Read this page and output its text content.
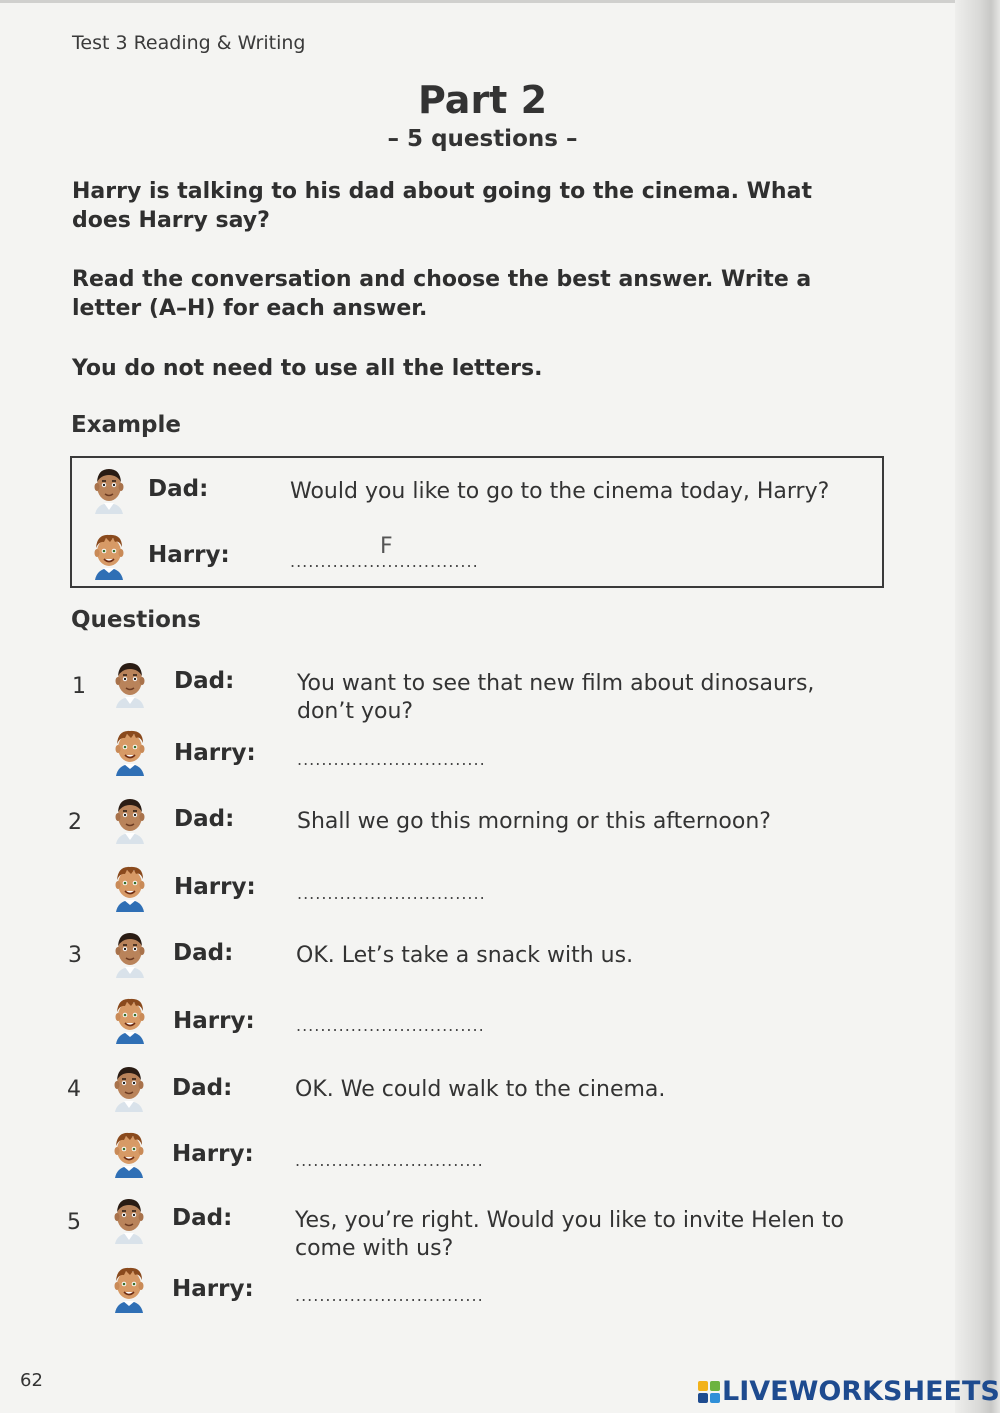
Test 3 Reading & Writing
Part 2
– 5 questions –
Harry is talking to his dad about going to the cinema. What does Harry say?
Read the conversation and choose the best answer. Write a letter (A–H) for each answer.
You do not need to use all the letters.
Example
Dad:	Would you like to go to the cinema today, Harry?
Harry:	...............................
F
Questions
1	Dad:	You want to see that new film about dinosaurs, don’t you?
Harry:	...............................
2	Dad:	Shall we go this morning or this afternoon?
Harry:	...............................
3	Dad:	OK. Let’s take a snack with us.
Harry:	...............................
4	Dad:	OK. We could walk to the cinema.
Harry:	...............................
5	Dad:	Yes, you’re right. Would you like to invite Helen to come with us?
Harry:	...............................
62	LIVEWORKSHEETS
